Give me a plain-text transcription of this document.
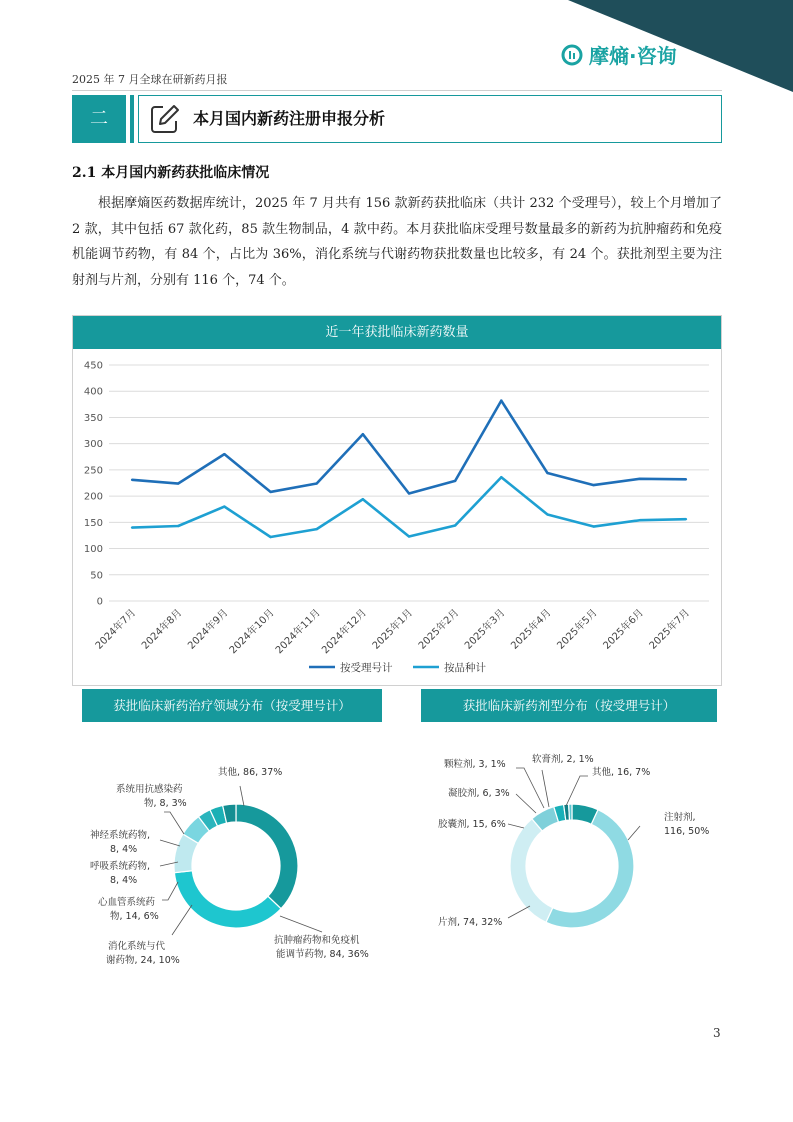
摩熵·咨询
2025 年 7 月全球在研新药月报
二	本月国内新药注册申报分析
2.1 本月国内新药获批临床情况
根据摩熵医药数据库统计，2025 年 7 月共有 156 款新药获批临床（共计 232 个受理号），较上个月增加了 2 款，其中包括 67 款化药，85 款生物制品，4 款中药。本月获批临床受理号数量最多的新药为抗肿瘤药和免疫机能调节药物，有 84 个，占比为 36%，消化系统与代谢药物获批数量也比较多，有 24 个。获批剂型主要为注射剂与片剂，分别有 116 个，74 个。
近一年获批临床新药数量
0
50
100
150
200
250
300
350
400
450
2024年7月 2024年8月 2024年9月
2024年10月
2024年11月
2024年12月 2025年1月 2025年2月 2025年3月 2025年4月 2025年5月 2025年6月 2025年7月
按受理号计	按品种计
获批临床新药治疗领域分布（按受理号计）	获批临床新药剂型分布（按受理号计）
其他, 86, 37%
系统用抗感染药
物, 8, 3%
神经系统药物,
8, 4%
呼吸系统药物,
8, 4%
心血管系统药
物, 14, 6%
消化系统与代
谢药物, 24, 10%
抗肿瘤药物和免疫机
能调节药物, 84, 36%
颗粒剂, 3, 1%	软膏剂, 2, 1%
其他, 16, 7%
凝胶剂, 6, 3%
胶囊剂, 15, 6%
注射剂,
116, 50%
片剂, 74, 32%
3
